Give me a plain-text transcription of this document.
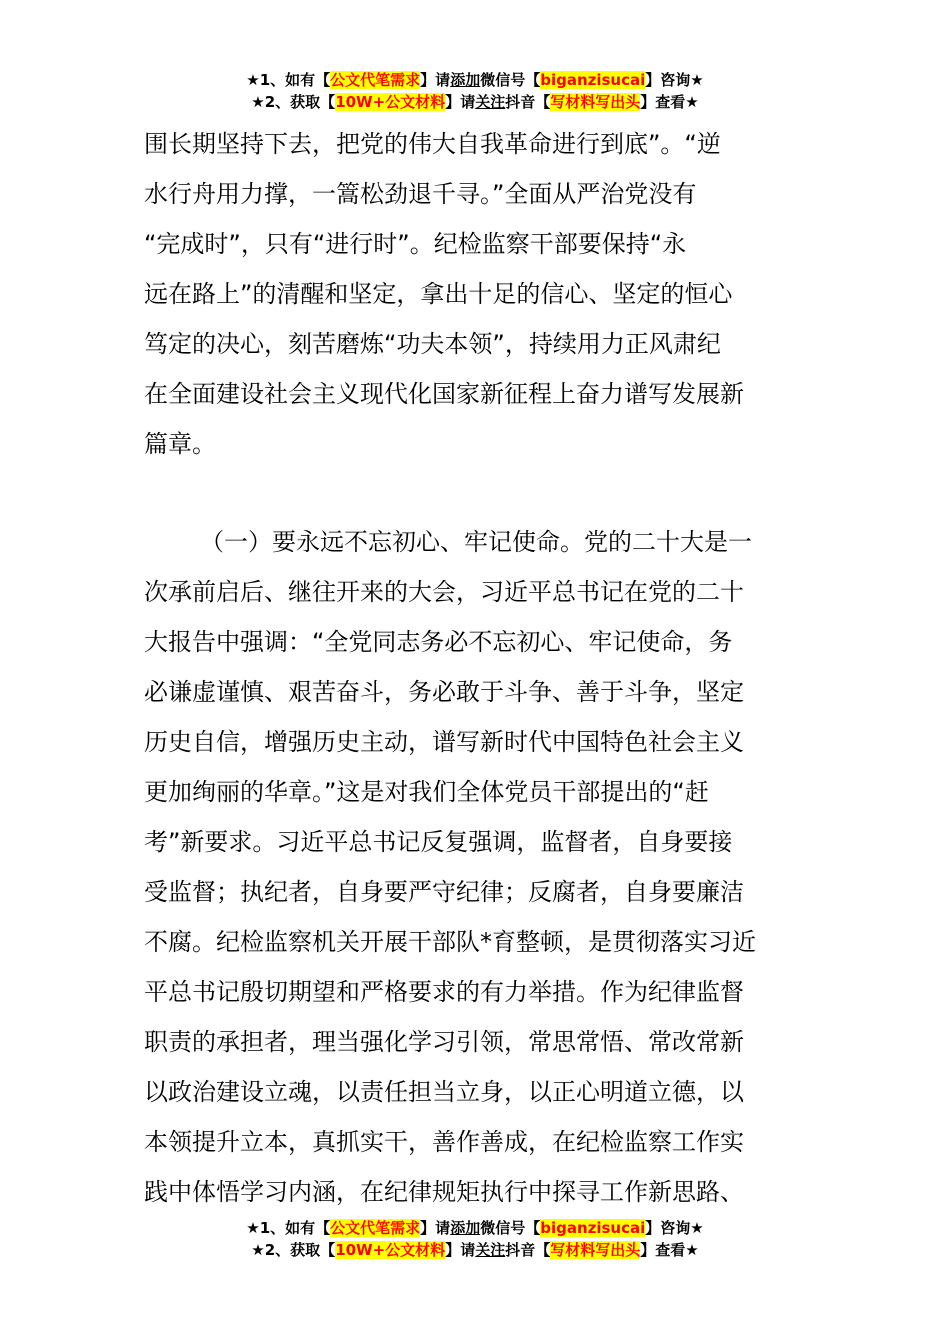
★1、如有【公文代笔需求】请添加微信号【biganzisucai】咨询★
★2、获取【10W+公文材料】请关注抖音【写材料写出头】查看★
围长期坚持下去，把党的伟大自我革命进行到底”。“逆
水行舟用力撑，一篙松劲退千寻。”全面从严治党没有
“完成时”，只有“进行时”。纪检监察干部要保持“永
远在路上”的清醒和坚定，拿出十足的信心、坚定的恒心
笃定的决心，刻苦磨炼“功夫本领”，持续用力正风肃纪
在全面建设社会主义现代化国家新征程上奋力谱写发展新
篇章。
（一）要永远不忘初心、牢记使命。党的二十大是一
次承前启后、继往开来的大会，习近平总书记在党的二十
大报告中强调：“全党同志务必不忘初心、牢记使命，务
必谦虚谨慎、艰苦奋斗，务必敢于斗争、善于斗争，坚定
历史自信，增强历史主动，谱写新时代中国特色社会主义
更加绚丽的华章。”这是对我们全体党员干部提出的“赶
考”新要求。习近平总书记反复强调，监督者，自身要接
受监督；执纪者，自身要严守纪律；反腐者，自身要廉洁
不腐。纪检监察机关开展干部队*育整顿，是贯彻落实习近
平总书记殷切期望和严格要求的有力举措。作为纪律监督
职责的承担者，理当强化学习引领，常思常悟、常改常新
以政治建设立魂，以责任担当立身，以正心明道立德，以
本领提升立本，真抓实干，善作善成，在纪检监察工作实
践中体悟学习内涵，在纪律规矩执行中探寻工作新思路、
★1、如有【公文代笔需求】请添加微信号【biganzisucai】咨询★
★2、获取【10W+公文材料】请关注抖音【写材料写出头】查看★
